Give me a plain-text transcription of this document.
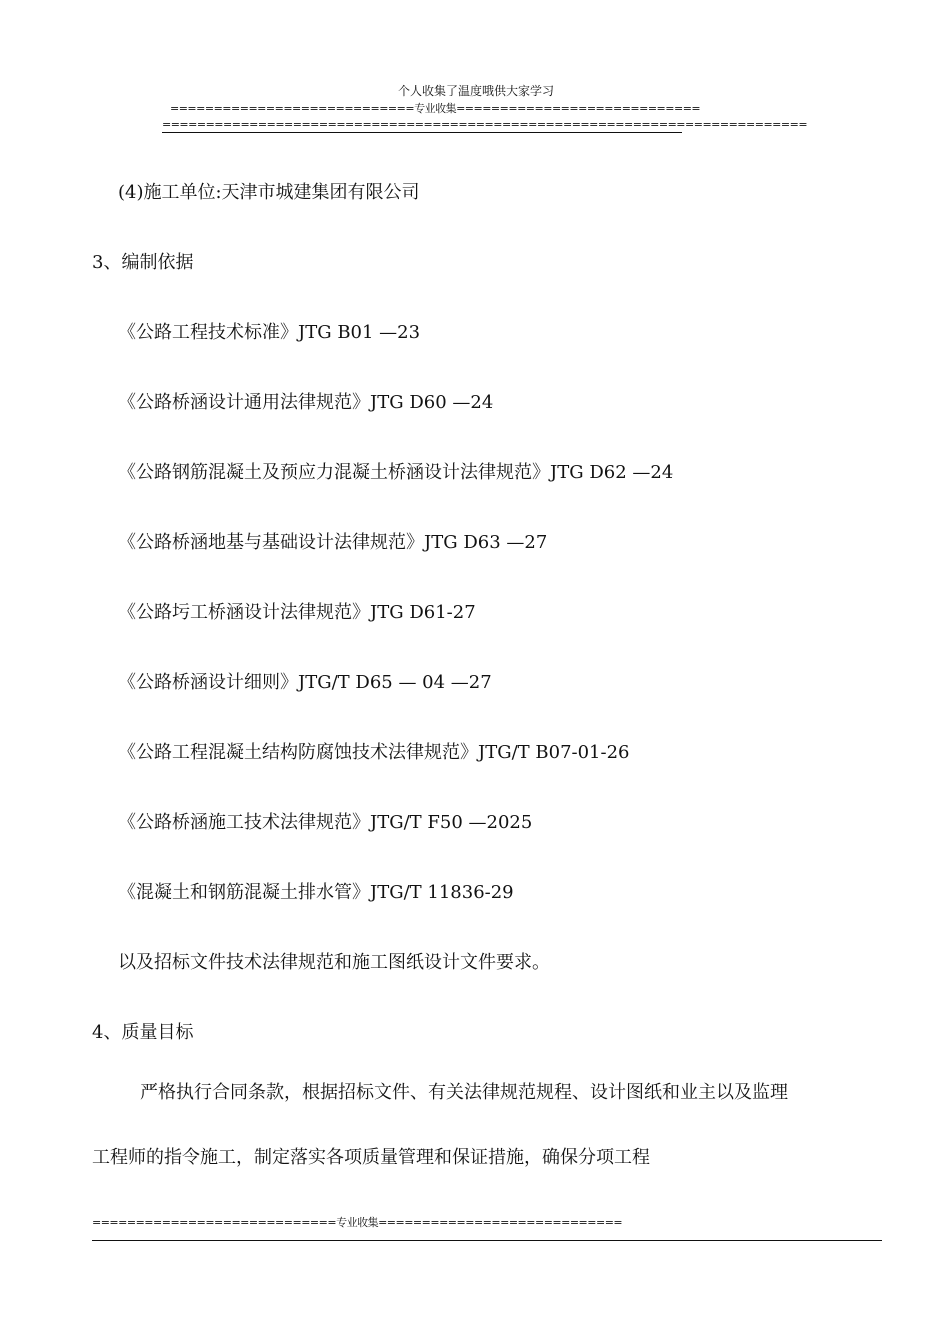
个人收集了温度哦供大家学习
============================专业收集============================
==========================================================================
(4)施工单位:天津市城建集团有限公司
3、编制依据
《公路工程技术标准》JTG B01 —23
《公路桥涵设计通用法律规范》JTG D60 —24
《公路钢筋混凝土及预应力混凝土桥涵设计法律规范》JTG D62 —24
《公路桥涵地基与基础设计法律规范》JTG D63 —27
《公路圬工桥涵设计法律规范》JTG D61-27
《公路桥涵设计细则》JTG/T D65 — 04 —27
《公路工程混凝土结构防腐蚀技术法律规范》JTG/T B07-01-26
《公路桥涵施工技术法律规范》JTG/T F50 —2025
《混凝土和钢筋混凝土排水管》JTG/T 11836-29
以及招标文件技术法律规范和施工图纸设计文件要求。
4、质量目标
严格执行合同条款，根据招标文件、有关法律规范规程、设计图纸和业主以及监理
工程师的指令施工，制定落实各项质量管理和保证措施，确保分项工程
============================专业收集============================
